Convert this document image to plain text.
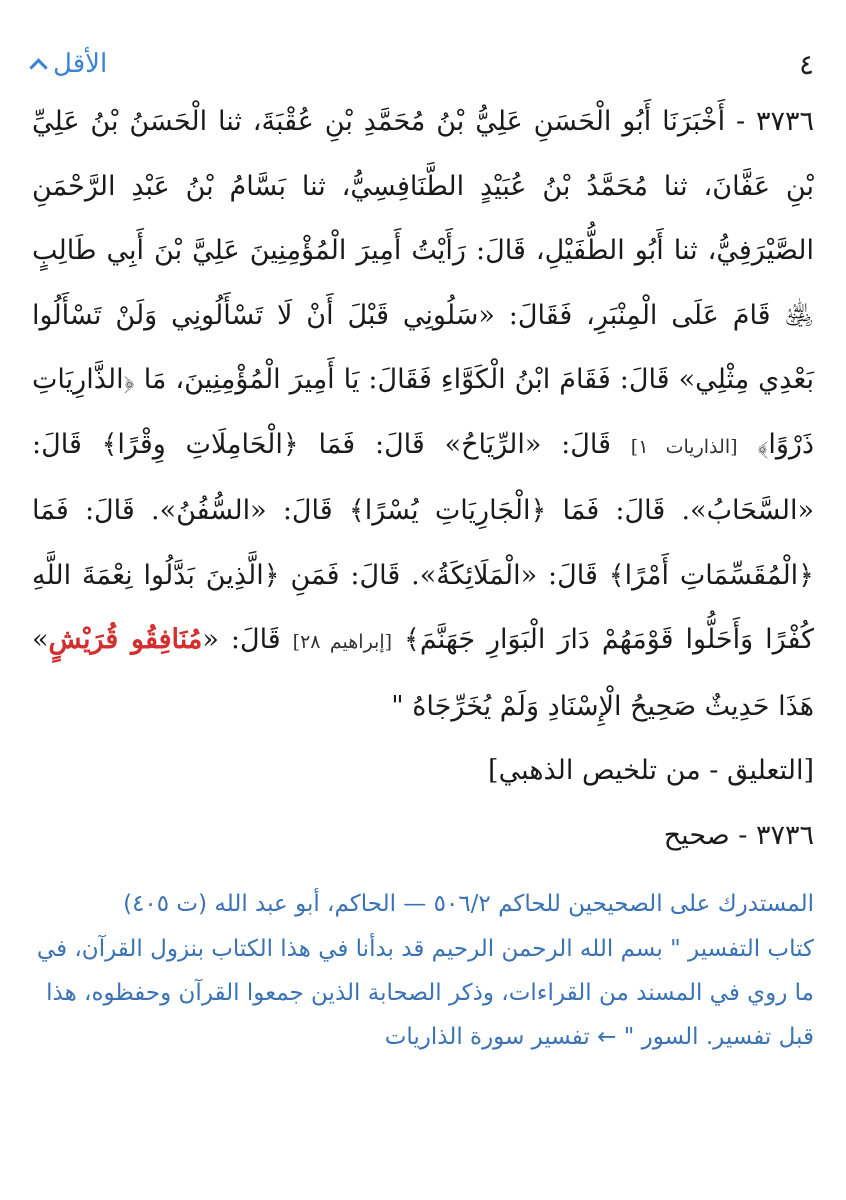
الأقل	٤
٣٧٣٦ - أَخْبَرَنَا أَبُو الْحَسَنِ عَلِيُّ بْنُ مُحَمَّدِ بْنِ عُقْبَةَ، ثنا الْحَسَنُ بْنُ عَلِيِّ بْنِ عَفَّانَ، ثنا مُحَمَّدُ بْنُ عُبَيْدٍ الطَّنَافِسِيُّ، ثنا بَسَّامُ بْنُ عَبْدِ الرَّحْمَنِ الصَّيْرَفِيُّ، ثنا أَبُو الطُّفَيْلِ، قَالَ: رَأَيْتُ أَمِيرَ الْمُؤْمِنِينَ عَلِيَّ بْنَ أَبِي طَالِبٍ ﵁ قَامَ عَلَى الْمِنْبَرِ، فَقَالَ: «سَلُونِي قَبْلَ أَنْ لَا تَسْأَلُونِي وَلَنْ تَسْأَلُوا بَعْدِي مِثْلِي» قَالَ: فَقَامَ ابْنُ الْكَوَّاءِ فَقَالَ: يَا أَمِيرَ الْمُؤْمِنِينَ، مَا ﴿الذَّارِيَاتِ ذَرْوًا﴾ [الذاريات ١] قَالَ: «الرِّيَاحُ» قَالَ: فَمَا ﴿الْحَامِلَاتِ وِقْرًا﴾ قَالَ: «السَّحَابُ». قَالَ: فَمَا ﴿الْجَارِيَاتِ يُسْرًا﴾ قَالَ: «السُّفُنُ». قَالَ: فَمَا ﴿الْمُقَسِّمَاتِ أَمْرًا﴾ قَالَ: «الْمَلَائِكَةُ». قَالَ: فَمَنِ ﴿الَّذِينَ بَدَّلُوا نِعْمَةَ اللَّهِ كُفْرًا وَأَحَلُّوا قَوْمَهُمْ دَارَ الْبَوَارِ جَهَنَّمَ﴾ [إبراهيم ٢٨] قَالَ: «مُنَافِقُو قُرَيْشٍ» هَذَا حَدِيثٌ صَحِيحُ الْإِسْنَادِ وَلَمْ يُخَرِّجَاهُ "
[التعليق - من تلخيص الذهبي]
٣٧٣٦ - صحيح
المستدرك على الصحيحين للحاكم ٥٠٦/٢ — الحاكم، أبو عبد الله (ت ٤٠٥)
كتاب التفسير " بسم الله الرحمن الرحيم قد بدأنا في هذا الكتاب بنزول القرآن، في ما روي في المسند من القراءات، وذكر الصحابة الذين جمعوا القرآن وحفظوه، هذا قبل تفسير. السور " ← تفسير سورة الذاريات
